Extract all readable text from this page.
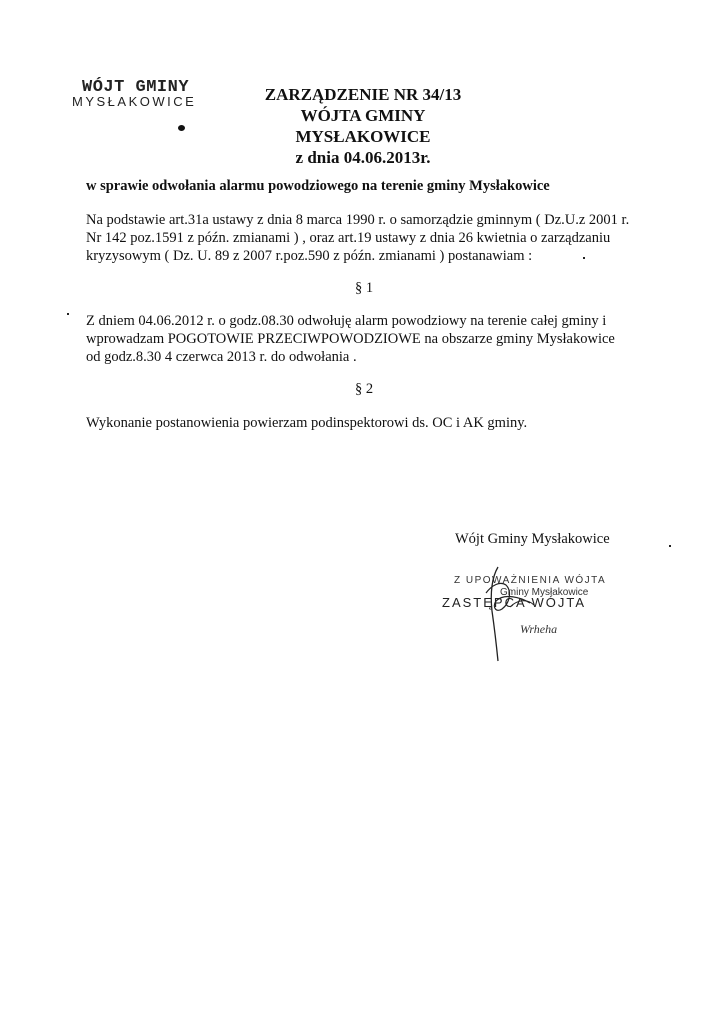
WÓJT GMINY
MYSŁAKOWICE	ZARZĄDZENIE NR 34/13
WÓJTA GMINY
MYSŁAKOWICE
z dnia 04.06.2013r.
w sprawie odwołania alarmu powodziowego na terenie gminy Mysłakowice
Na podstawie art.31a ustawy z dnia 8 marca 1990 r. o samorządzie gminnym ( Dz.U.z 2001 r.
Nr 142 poz.1591 z późn. zmianami ) , oraz art.19 ustawy z dnia 26 kwietnia o zarządzaniu
kryzysowym ( Dz. U. 89 z 2007 r.poz.590 z późn. zmianami ) postanawiam :
§ 1
Z dniem 04.06.2012 r. o godz.08.30 odwołuję alarm powodziowy na terenie całej gminy i
wprowadzam POGOTOWIE PRZECIWPOWODZIOWE na obszarze gminy Mysłakowice
od godz.8.30 4 czerwca 2013 r. do odwołania .
§ 2
Wykonanie postanowienia powierzam podinspektorowi ds. OC i AK gminy.
Wójt Gminy Mysłakowice
Z UPOWAŻNIENIA WÓJTA
Gminy Mysłakowice
ZASTĘPCA WÓJTA
Wrheha
